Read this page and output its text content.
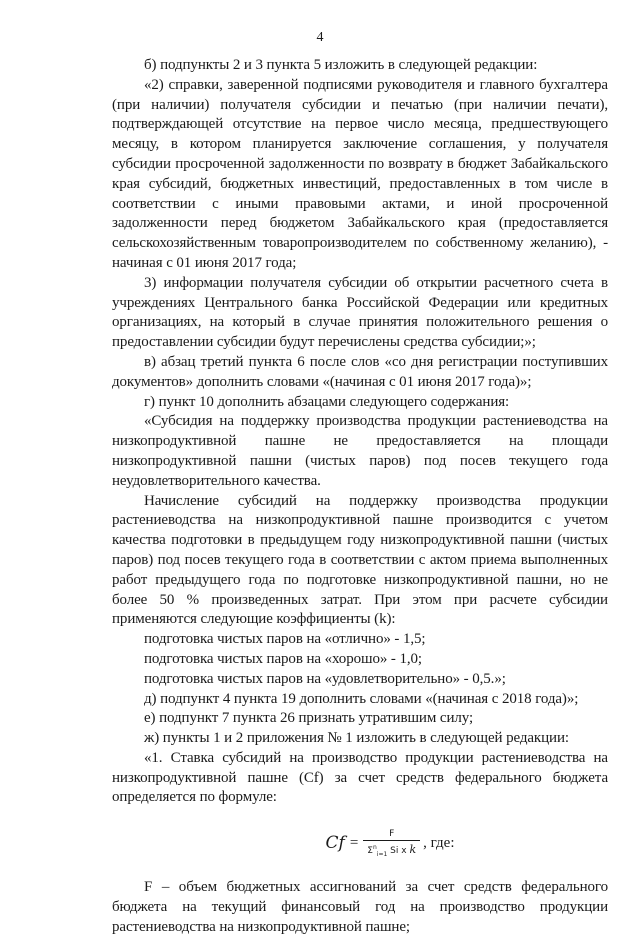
4

б) подпункты 2 и 3 пункта 5 изложить в следующей редакции:

«2) справки, заверенной подписями руководителя и главного бухгалтера (при наличии) получателя субсидии и печатью (при наличии печати), подтверждающей отсутствие на первое число месяца, предшествующего месяцу, в котором планируется заключение соглашения, у получателя субсидии просроченной задолженности по возврату в бюджет Забайкальского края субсидий, бюджетных инвестиций, предоставленных в том числе в соответствии с иными правовыми актами, и иной просроченной задолженности перед бюджетом Забайкальского края (предоставляется сельскохозяйственным товаропроизводителем по собственному желанию), - начиная с 01 июня 2017 года;

3) информации получателя субсидии об открытии расчетного счета в учреждениях Центрального банка Российской Федерации или кредитных организациях, на который в случае принятия положительного решения о предоставлении субсидии будут перечислены средства субсидии;»;

в) абзац третий пункта 6 после слов «со дня регистрации поступивших документов» дополнить словами «(начиная с 01 июня 2017 года)»;

г) пункт 10 дополнить абзацами следующего содержания:

«Субсидия на поддержку производства продукции растениеводства на низкопродуктивной пашне не предоставляется на площади низкопродуктивной пашни (чистых паров) под посев текущего года неудовлетворительного качества.

Начисление субсидий на поддержку производства продукции растениеводства на низкопродуктивной пашне производится с учетом качества подготовки в предыдущем году низкопродуктивной пашни (чистых паров) под посев текущего года в соответствии с актом приема выполненных работ предыдущего года по подготовке низкопродуктивной пашни, но не более 50 % произведенных затрат. При этом при расчете субсидии применяются следующие коэффициенты (k):

подготовка чистых паров на «отлично» - 1,5;

подготовка чистых паров на «хорошо» - 1,0;

подготовка чистых паров на «удовлетворительно» - 0,5.»;

д) подпункт 4 пункта 19 дополнить словами «(начиная с 2018 года)»;

е) подпункт 7 пункта 26 признать утратившим силу;

ж) пункты 1 и 2 приложения № 1 изложить в следующей редакции:

«1. Ставка субсидий на производство продукции растениеводства на низкопродуктивной пашне (Cf) за счет средств федерального бюджета определяется по формуле:

$Cf = \frac{F}{\Sigma^n_{i=1} Si x k}$ , где:

F – объем бюджетных ассигнований за счет средств федерального бюджета на текущий финансовый год на производство продукции растениеводства на низкопродуктивной пашне;
